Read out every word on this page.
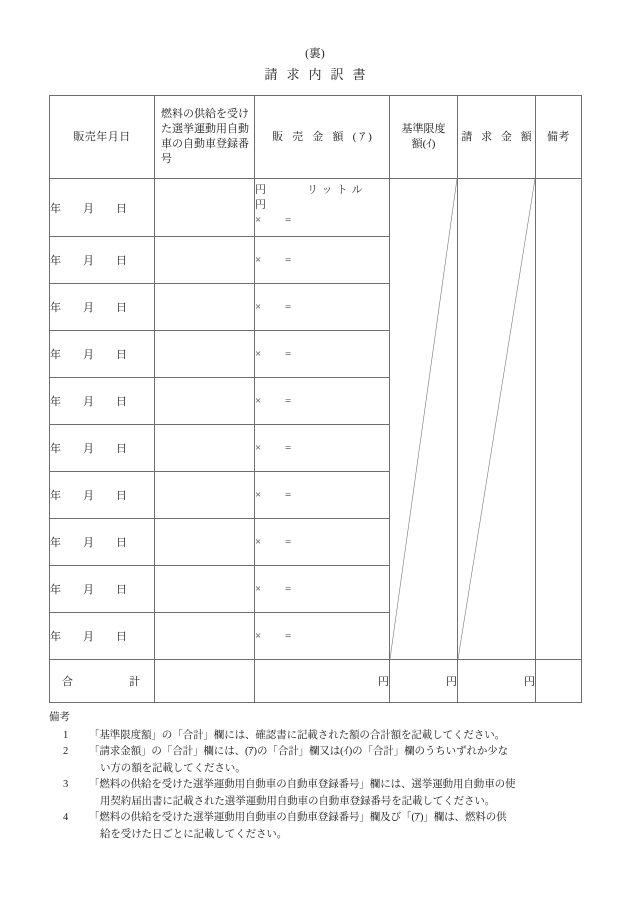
(裏)
請求内訳書
販売年月日	燃料の供給を受けた選挙運動用自動車の自動車登録番号	販 売 金 額 (ｱ)	基準限度
額(ｲ)	請 求 金 額	備考
年 月 日		円 リットル
円
× =

年 月 日		× =			

年 月 日		× =			

年 月 日		× =			

年 月 日		× =			

年 月 日		× =			

年 月 日		× =			

年 月 日		× =			

年 月 日		× =			

年 月 日		× =			

合 計		円	円	円	
備考
1	「基準限度額」の「合計」欄には、確認書に記載された額の合計額を記載してください。
2	「請求金額」の「合計」欄には、(ｱ)の「合計」欄又は(ｲ)の「合計」欄のうちいずれか少な
い方の額を記載してください。
3	「燃料の供給を受けた選挙運動用自動車の自動車登録番号」欄には、選挙運動用自動車の使
用契約届出書に記載された選挙運動用自動車の自動車登録番号を記載してください。
4	「燃料の供給を受けた選挙運動用自動車の自動車登録番号」欄及び「(ｱ)」欄は、燃料の供
給を受けた日ごとに記載してください。
